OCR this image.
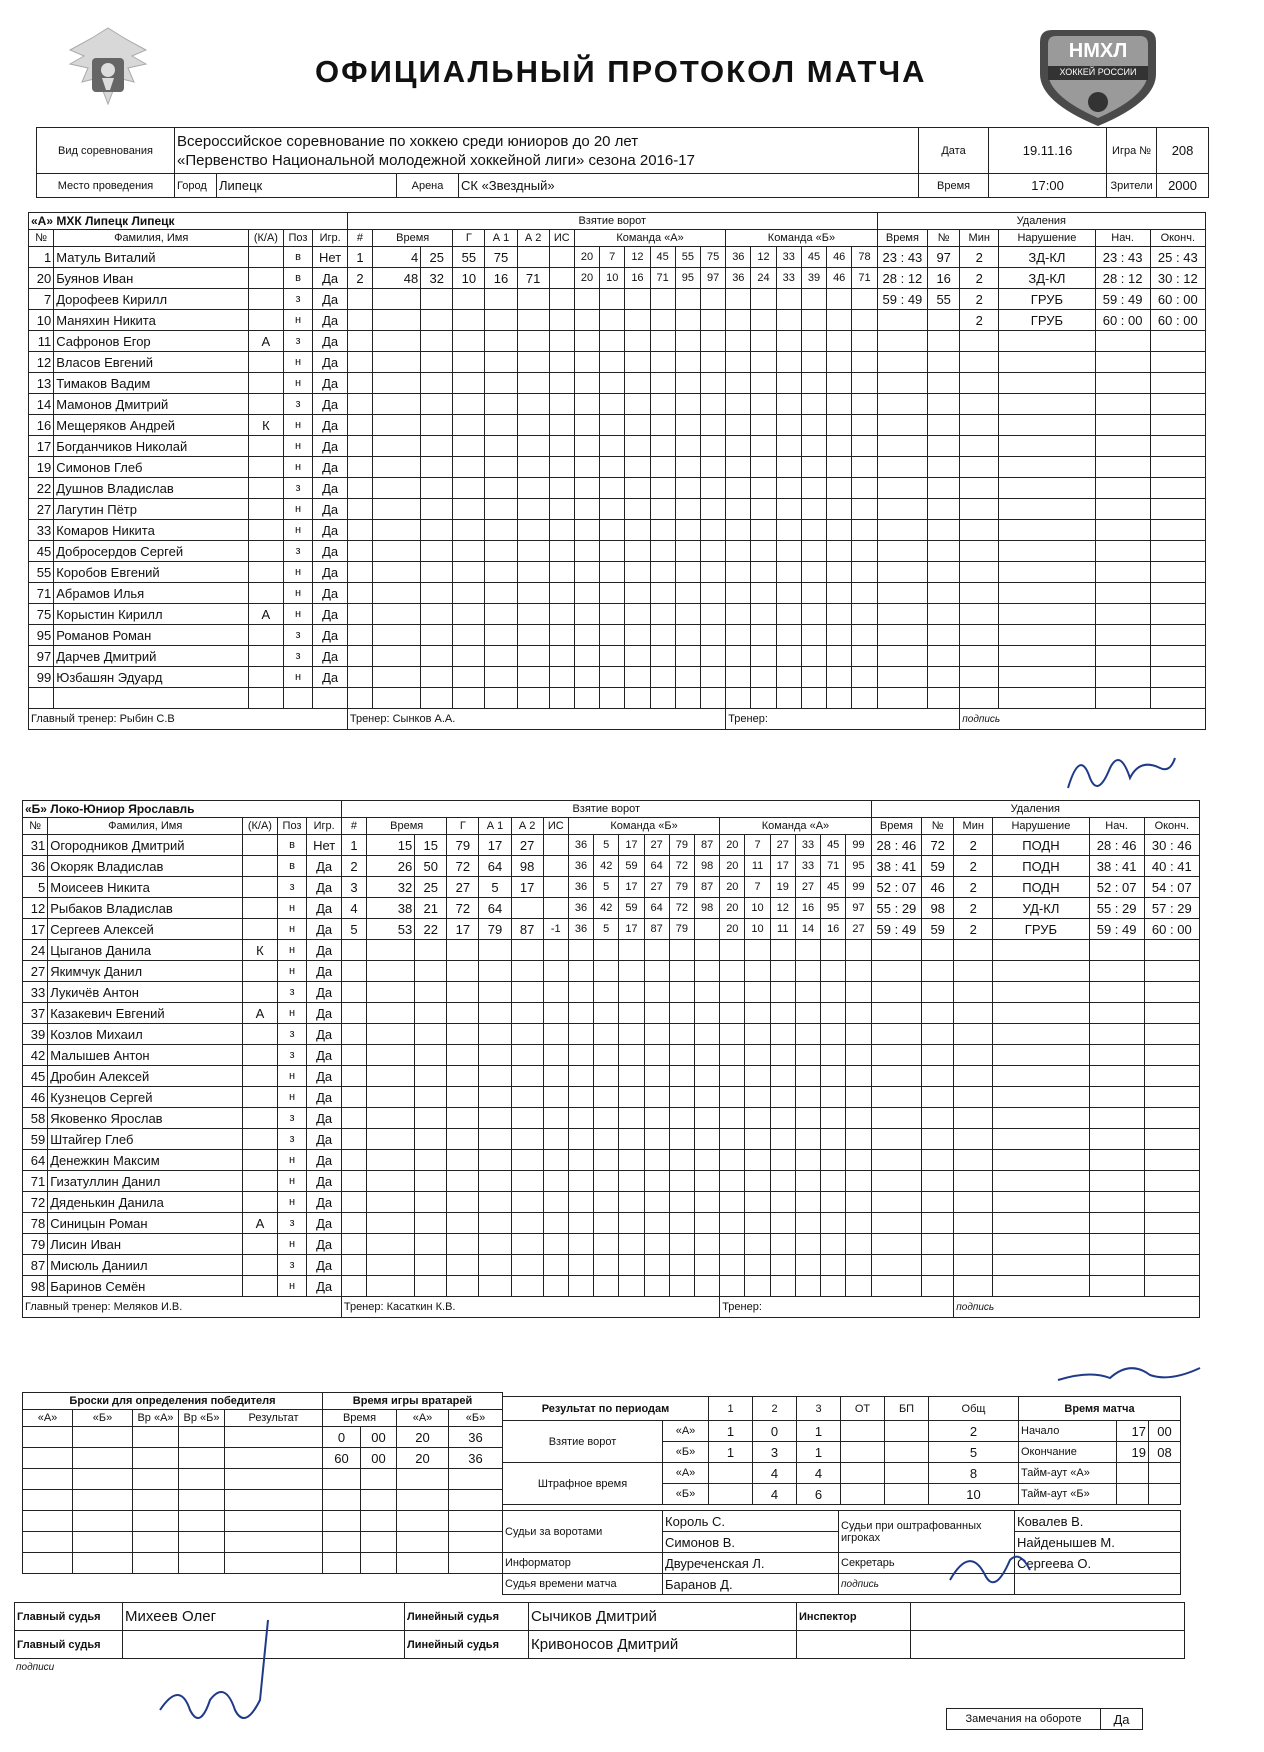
ОФИЦИАЛЬНЫЙ ПРОТОКОЛ МАТЧА
НМХЛ
ХОККЕЙ РОССИИ
Вид соревнования	Всероссийское соревнование по хоккею среди юниоров до 20 лет
«Первенство Национальной молодежной хоккейной лиги» сезона 2016-17				Дата	19.11.16	Игра №	208
Место проведения	Город	Липецк	Арена	СК «Звездный»	Время	17:00	Зрители	2000
«А» МХК Липецк Липецк					Взятие ворот																			Удаления					
№	Фамилия, Имя	(К/А)	Поз	Игр.	#	Время		Г	А 1	А 2	ИС	Команда «А»						Команда «Б»						Время	№	Мин	Нарушение	Нач.	Оконч.
1	Матуль Виталий		в	Нет	1	4	25	55	75			20	7	12	45	55	75	36	12	33	45	46	78	23 : 43	97	2	ЗД-КЛ	23 : 43	25 : 43
20	Буянов Иван		в	Да	2	48	32	10	16	71		20	10	16	71	95	97	36	24	33	39	46	71	28 : 12	16	2	ЗД-КЛ	28 : 12	30 : 12
7	Дорофеев Кирилл		з	Да																				59 : 49	55	2	ГРУБ	59 : 49	60 : 00
10	Маняхин Никита		н	Да																						2	ГРУБ	60 : 00	60 : 00
11	Сафронов Егор	А	з	Да																									
12	Власов Евгений		н	Да																									
13	Тимаков Вадим		н	Да																									
14	Мамонов Дмитрий		з	Да																									
16	Мещеряков Андрей	К	н	Да																									
17	Богданчиков Николай		н	Да																									
19	Симонов Глеб		н	Да																									
22	Душнов Владислав		з	Да																									
27	Лагутин Пётр		н	Да																									
33	Комаров Никита		н	Да																									
45	Добросердов Сергей		з	Да																									
55	Коробов Евгений		н	Да																									
71	Абрамов Илья		н	Да																									
75	Корыстин Кирилл	А	н	Да																									
95	Романов Роман		з	Да																									
97	Дарчев Дмитрий		з	Да																									
99	Юзбашян Эдуард		н	Да																									

Главный тренер: Рыбин С.В					Тренер: Сынков А.А.													Тренер:								подпись			
«Б» Локо-Юниор Ярославль					Взятие ворот																			Удаления					
№	Фамилия, Имя	(К/А)	Поз	Игр.	#	Время		Г	А 1	А 2	ИС	Команда «Б»						Команда «А»						Время	№	Мин	Нарушение	Нач.	Оконч.
31	Огородников Дмитрий		в	Нет	1	15	15	79	17	27		36	5	17	27	79	87	20	7	27	33	45	99	28 : 46	72	2	ПОДН	28 : 46	30 : 46
36	Окоряк Владислав		в	Да	2	26	50	72	64	98		36	42	59	64	72	98	20	11	17	33	71	95	38 : 41	59	2	ПОДН	38 : 41	40 : 41
5	Моисеев Никита		з	Да	3	32	25	27	5	17		36	5	17	27	79	87	20	7	19	27	45	99	52 : 07	46	2	ПОДН	52 : 07	54 : 07
12	Рыбаков Владислав		н	Да	4	38	21	72	64			36	42	59	64	72	98	20	10	12	16	95	97	55 : 29	98	2	УД-КЛ	55 : 29	57 : 29
17	Сергеев Алексей		н	Да	5	53	22	17	79	87	-1	36	5	17	87	79		20	10	11	14	16	27	59 : 49	59	2	ГРУБ	59 : 49	60 : 00
24	Цыганов Данила	К	н	Да																									
27	Якимчук Данил		н	Да																									
33	Лукичёв Антон		з	Да																									
37	Казакевич Евгений	А	н	Да																									
39	Козлов Михаил		з	Да																									
42	Малышев Антон		з	Да																									
45	Дробин Алексей		н	Да																									
46	Кузнецов Сергей		н	Да																									
58	Яковенко Ярослав		з	Да																									
59	Штайгер Глеб		з	Да																									
64	Денежкин Максим		н	Да																									
71	Гизатуллин Данил		н	Да																									
72	Дяденькин Данила		н	Да																									
78	Синицын Роман	А	з	Да																									
79	Лисин Иван		н	Да																									
87	Мисюль Даниил		з	Да																									
98	Баринов Семён		н	Да																									
Главный тренер: Меляков И.В.					Тренер: Касаткин К.В.													Тренер:								подпись			
Броски для определения победителя				
«А»	«Б»	Вр «А»	Вр «Б»	Результат

Время игры вратарей			
Время		«А»	«Б»
0	00	20	36
60	00	20	36

Результат по периодам		1	2	3	ОТ	БП	Общ
Взятие ворот	«А»	1	0	1			2
	«Б»	1	3	1			5
Штрафное время	«А»		4	4			8
	«Б»		4	6			10
Время матча		
Начало	17	00
Окончание	19	08
Тайм-аут «А»		
Тайм-аут «Б»		
Судьи за воротами	Король С.	Судьи при оштрафованных игроках	Ковалев В.
	Симонов В.		Найденышев М.
Информатор	Двуреченская Л.	Секретарь	Сергеева О.
Судья времени матча	Баранов Д.	подпись	
Главный судья	Михеев Олег	Линейный судья	Сычиков Дмитрий	Инспектор	
Главный судья		Линейный судья	Кривоносов Дмитрий		
подписи
Замечания на обороте	Да
